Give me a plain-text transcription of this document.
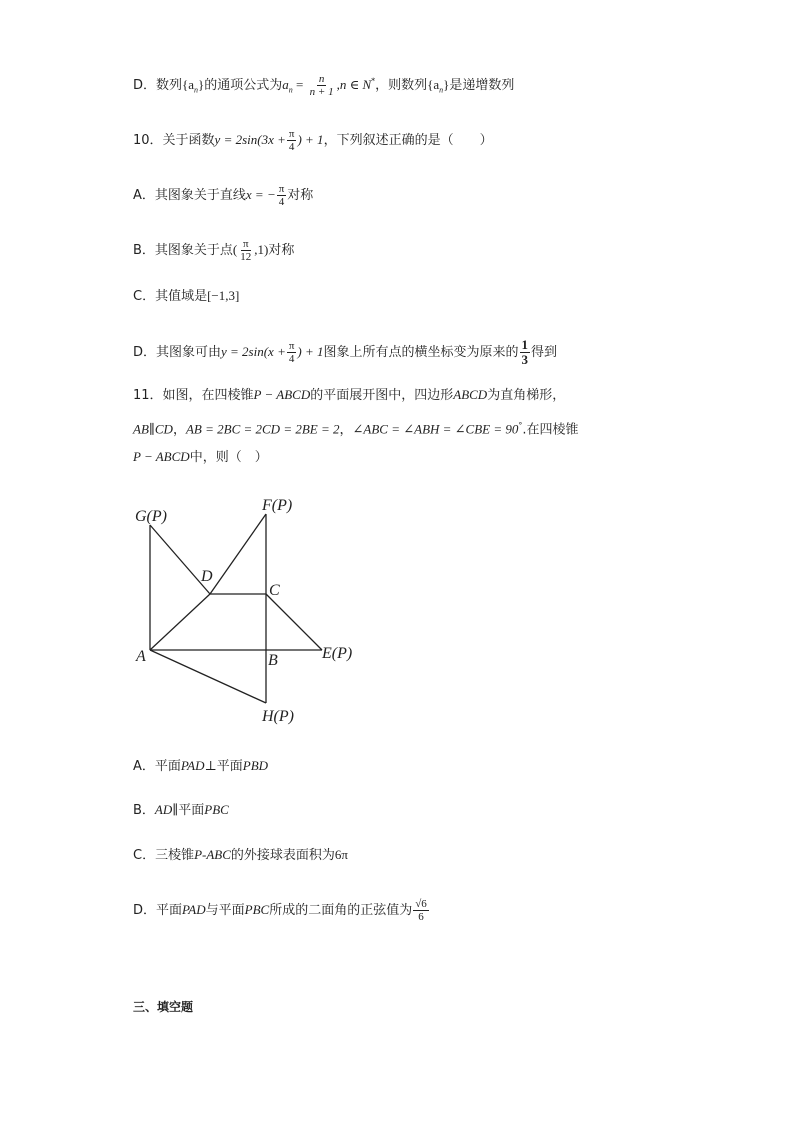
D．数列$\{a_n\}$的通项公式为$a_n = \frac{n}{n + 1} ,n$ ∈ N*，则数列$\{a_n\}$是递增数列
10．关于函数$y = 2\sin(3x + \frac{\pi}{4}$ ) + 1，下列叙述正确的是（　　）
A．其图象关于直线x = − $\frac{\pi}{4}$ 对称
B．其图象关于点( $\frac{\pi}{12} ,1$)对称
C．其值域是[−1,3]
D．其图象可由$y = 2\sin(x + \frac{\pi}{4}$ ) + 1图象上所有点的横坐标变为原来的 $\frac{1}{3}$ 得到
11．如图，在四棱锥P − ABCD的平面展开图中，四边形ABCD为直角梯形，
AB∥CD，AB = 2BC = 2CD = 2BE = 2，∠ABC = ∠ABH = ∠CBE = 90°.在四棱锥
P − ABCD中，则（　）
G(P)
F(P)
D
C
A	B	E(P)
H(P)
A．平面PAD⊥平面PBD
B．AD∥平面PBC
C．三棱锥P-ABC的外接球表面积为6π
D．平面PAD与平面PBC所成的二面角的正弦值为 $\frac{√6}{6}$
三、填空题
